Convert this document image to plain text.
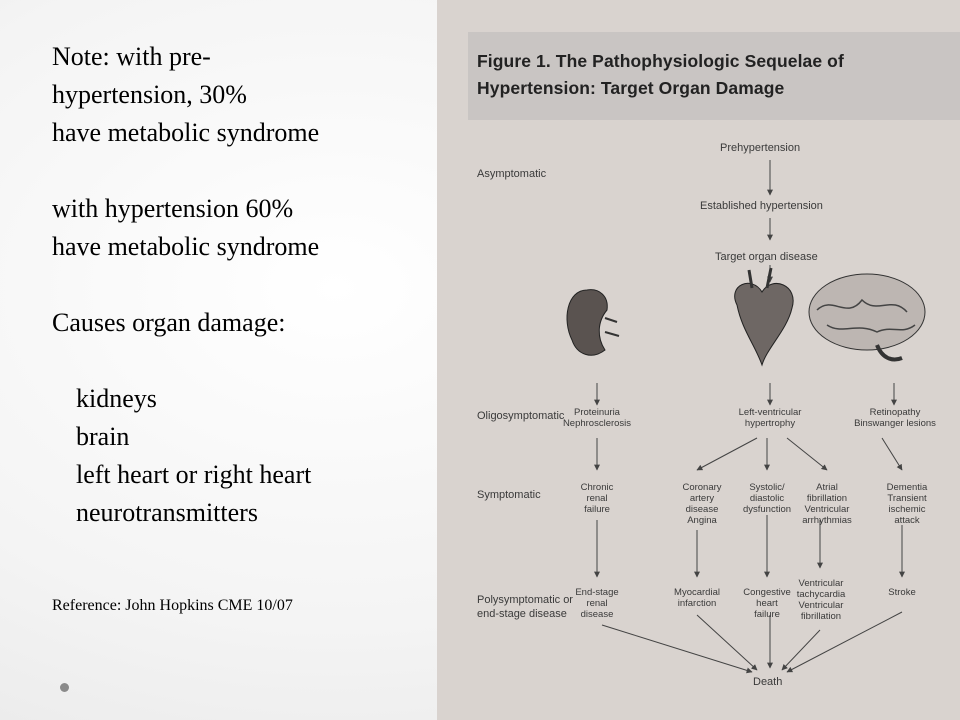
Note: with pre-

hypertension, 30%

have metabolic syndrome

with hypertension 60%

have metabolic syndrome

Causes organ damage:

kidneys

brain

left heart or right heart

neurotransmitters

Reference: John Hopkins CME 10/07
Figure 1. The Pathophysiologic Sequelae of
Hypertension: Target Organ Damage
Asymptomatic
Oligosymptomatic
Symptomatic
Polysymptomatic or
end-stage disease
Prehypertension
Established hypertension
Target organ disease
Proteinuria
Nephrosclerosis
Left-ventricular
hypertrophy
Retinopathy
Binswanger lesions
Chronic
renal
failure
Coronary
artery
disease
Angina
Systolic/
diastolic
dysfunction
Atrial
fibrillation
Ventricular
arrhythmias
Dementia
Transient
ischemic
attack
End-stage
renal
disease
Myocardial
infarction
Congestive
heart
failure
Ventricular
tachycardia
Ventricular
fibrillation
Stroke
Death
